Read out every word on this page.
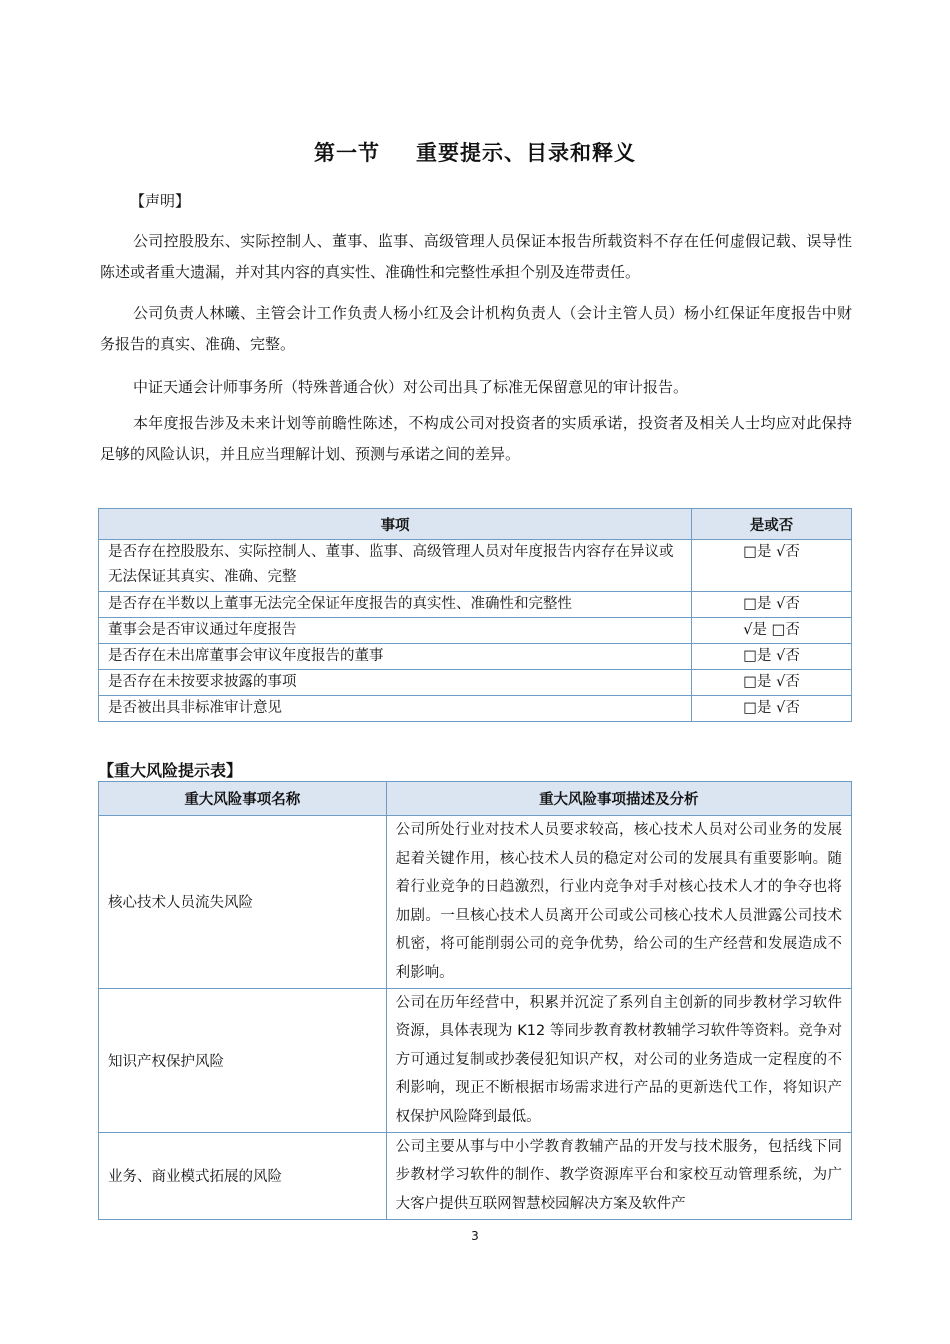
第一节 重要提示、目录和释义
【声明】

公司控股股东、实际控制人、董事、监事、高级管理人员保证本报告所载资料不存在任何虚假记载、误导性陈述或者重大遗漏，并对其内容的真实性、准确性和完整性承担个别及连带责任。

公司负责人林曦、主管会计工作负责人杨小红及会计机构负责人（会计主管人员）杨小红保证年度报告中财务报告的真实、准确、完整。

中证天通会计师事务所（特殊普通合伙）对公司出具了标准无保留意见的审计报告。

本年度报告涉及未来计划等前瞻性陈述，不构成公司对投资者的实质承诺，投资者及相关人士均应对此保持足够的风险认识，并且应当理解计划、预测与承诺之间的差异。

事项	是或否
是否存在控股股东、实际控制人、董事、监事、高级管理人员对年度报告内容存在异议或无法保证其真实、准确、完整	□是 √否
是否存在半数以上董事无法完全保证年度报告的真实性、准确性和完整性	□是 √否
董事会是否审议通过年度报告	√是 □否
是否存在未出席董事会审议年度报告的董事	□是 √否
是否存在未按要求披露的事项	□是 √否
是否被出具非标准审计意见	□是 √否
【重大风险提示表】
重大风险事项名称	重大风险事项描述及分析
核心技术人员流失风险	公司所处行业对技术人员要求较高，核心技术人员对公司业务的发展起着关键作用，核心技术人员的稳定对公司的发展具有重要影响。随着行业竞争的日趋激烈，行业内竞争对手对核心技术人才的争夺也将加剧。一旦核心技术人员离开公司或公司核心技术人员泄露公司技术机密，将可能削弱公司的竞争优势，给公司的生产经营和发展造成不利影响。
知识产权保护风险	公司在历年经营中，积累并沉淀了系列自主创新的同步教材学习软件资源，具体表现为 K12 等同步教育教材教辅学习软件等资料。竞争对方可通过复制或抄袭侵犯知识产权，对公司的业务造成一定程度的不利影响，现正不断根据市场需求进行产品的更新迭代工作，将知识产权保护风险降到最低。
业务、商业模式拓展的风险	公司主要从事与中小学教育教辅产品的开发与技术服务，包括线下同步教材学习软件的制作、教学资源库平台和家校互动管理系统，为广大客户提供互联网智慧校园解决方案及软件产
3
